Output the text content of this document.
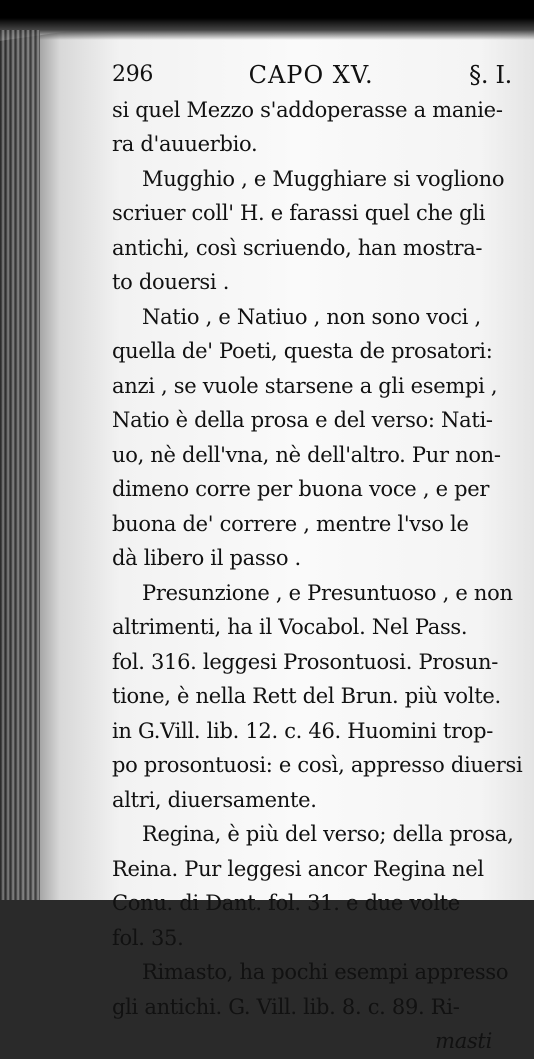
296	CAPO XV.	§. I.
si quel Mezzo s'addoperasse a manie-
ra d'auuerbio.
Mugghio , e Mugghiare si vogliono
scriuer coll' H. e farassi quel che gli
antichi, così scriuendo, han mostra-
to douersi .
Natio , e Natiuo , non sono voci ,
quella de' Poeti, questa de prosatori:
anzi , se vuole starsene a gli esempi ,
Natio è della prosa e del verso: Nati-
uo, nè dell'vna, nè dell'altro. Pur non-
dimeno corre per buona voce , e per
buona de' correre , mentre l'vso le
dà libero il passo .
Presunzione , e Presuntuoso , e non
altrimenti, ha il Vocabol. Nel Pass.
fol. 316. leggesi Prosontuosi. Prosun-
tione, è nella Rett del Brun. più volte.
in G.Vill. lib. 12. c. 46. Huomini trop-
po prosontuosi: e così, appresso diuersi
altri, diuersamente.
Regina, è più del verso; della prosa,
Reina. Pur leggesi ancor Regina nel
Conu. di Dant. fol. 31. e due volte
fol. 35.
Rimasto, ha pochi esempi appresso
gli antichi. G. Vill. lib. 8. c. 89. Ri-
masti
